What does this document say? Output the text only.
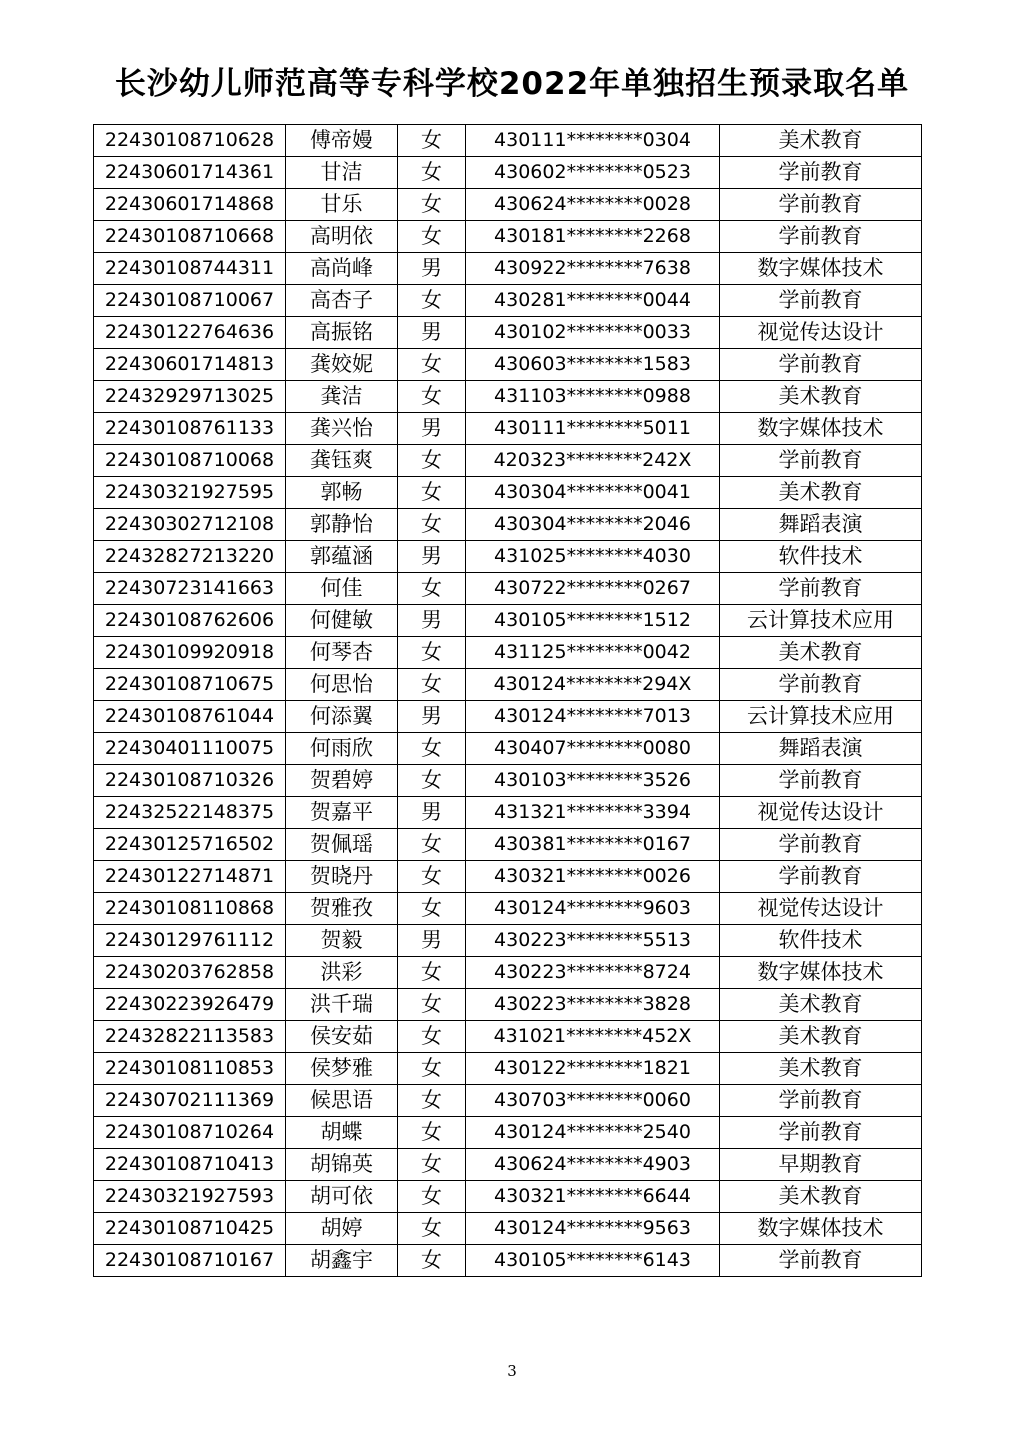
长沙幼儿师范高等专科学校2022年单独招生预录取名单
22430108710628	傅帝嫚	女	430111********0304	美术教育
22430601714361	甘洁	女	430602********0523	学前教育
22430601714868	甘乐	女	430624********0028	学前教育
22430108710668	高明依	女	430181********2268	学前教育
22430108744311	高尚峰	男	430922********7638	数字媒体技术
22430108710067	高杏子	女	430281********0044	学前教育
22430122764636	高振铭	男	430102********0033	视觉传达设计
22430601714813	龚姣妮	女	430603********1583	学前教育
22432929713025	龚洁	女	431103********0988	美术教育
22430108761133	龚兴怡	男	430111********5011	数字媒体技术
22430108710068	龚钰爽	女	420323********242X	学前教育
22430321927595	郭畅	女	430304********0041	美术教育
22430302712108	郭静怡	女	430304********2046	舞蹈表演
22432827213220	郭蕴涵	男	431025********4030	软件技术
22430723141663	何佳	女	430722********0267	学前教育
22430108762606	何健敏	男	430105********1512	云计算技术应用
22430109920918	何琴杏	女	431125********0042	美术教育
22430108710675	何思怡	女	430124********294X	学前教育
22430108761044	何添翼	男	430124********7013	云计算技术应用
22430401110075	何雨欣	女	430407********0080	舞蹈表演
22430108710326	贺碧婷	女	430103********3526	学前教育
22432522148375	贺嘉平	男	431321********3394	视觉传达设计
22430125716502	贺佩瑶	女	430381********0167	学前教育
22430122714871	贺晓丹	女	430321********0026	学前教育
22430108110868	贺雅孜	女	430124********9603	视觉传达设计
22430129761112	贺毅	男	430223********5513	软件技术
22430203762858	洪彩	女	430223********8724	数字媒体技术
22430223926479	洪千瑞	女	430223********3828	美术教育
22432822113583	侯安茹	女	431021********452X	美术教育
22430108110853	侯梦雅	女	430122********1821	美术教育
22430702111369	候思语	女	430703********0060	学前教育
22430108710264	胡蝶	女	430124********2540	学前教育
22430108710413	胡锦英	女	430624********4903	早期教育
22430321927593	胡可依	女	430321********6644	美术教育
22430108710425	胡婷	女	430124********9563	数字媒体技术
22430108710167	胡鑫宇	女	430105********6143	学前教育
3
